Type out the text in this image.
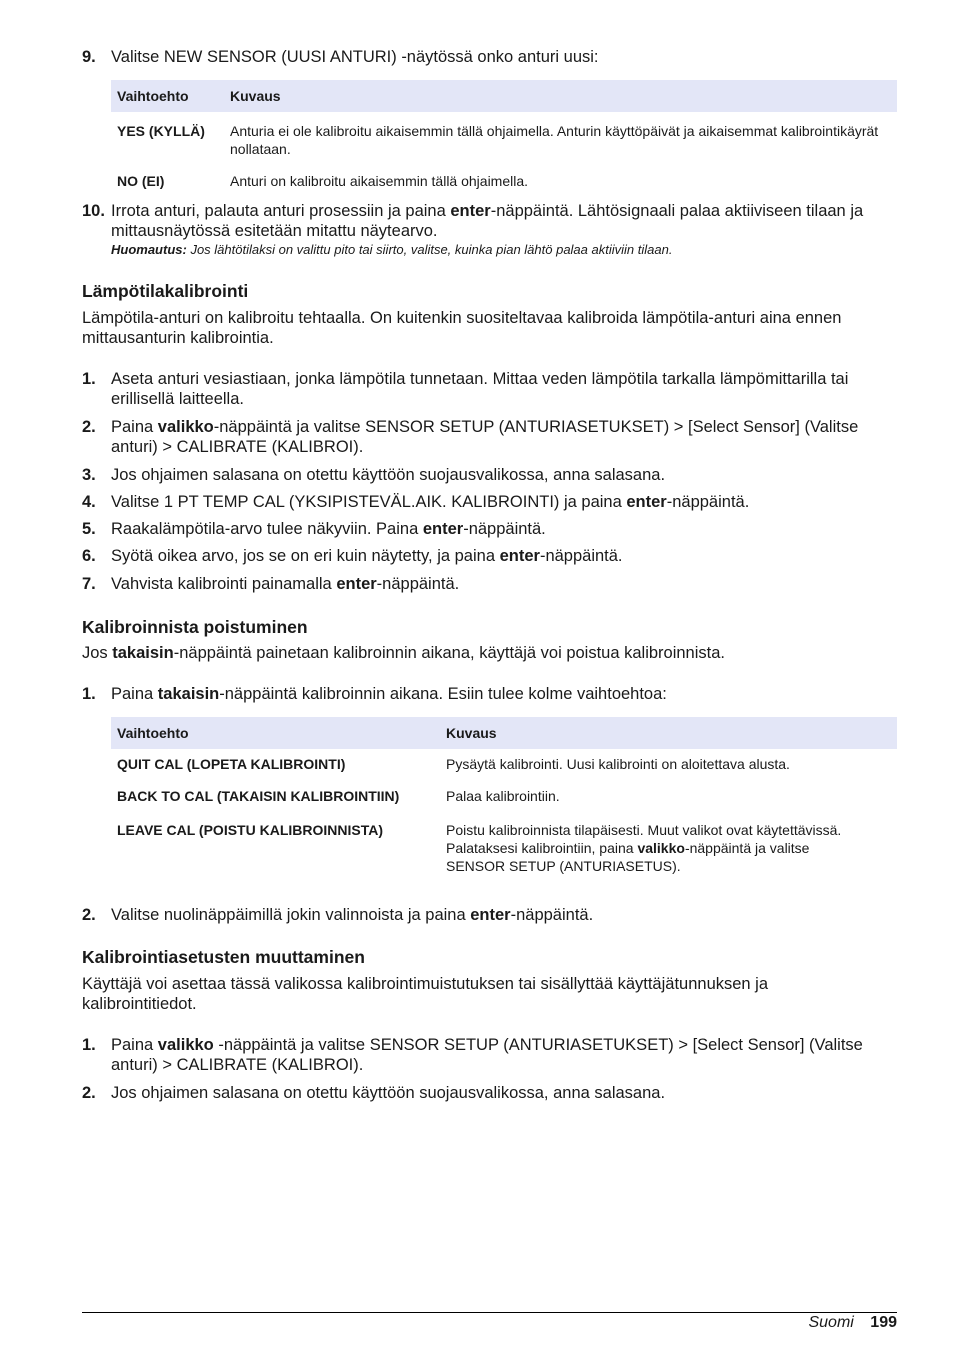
9. Valitse NEW SENSOR (UUSI ANTURI) -näytössä onko anturi uusi:
Vaihtoehto	Kuvaus
YES (KYLLÄ)	Anturia ei ole kalibroitu aikaisemmin tällä ohjaimella. Anturin käyttöpäivät ja aikaisemmat kalibrointikäyrät nollataan.
NO (EI)	Anturi on kalibroitu aikaisemmin tällä ohjaimella.
10. Irrota anturi, palauta anturi prosessiin ja paina enter-näppäintä. Lähtösignaali palaa aktiiviseen tilaan ja mittausnäytössä esitetään mitattu näytearvo.
Huomautus: Jos lähtötilaksi on valittu pito tai siirto, valitse, kuinka pian lähtö palaa aktiiviin tilaan.
Lämpötilakalibrointi

Lämpötila-anturi on kalibroitu tehtaalla. On kuitenkin suositeltavaa kalibroida lämpötila-anturi aina ennen mittausanturin kalibrointia.

1. Aseta anturi vesiastiaan, jonka lämpötila tunnetaan. Mittaa veden lämpötila tarkalla lämpömittarilla tai erillisellä laitteella.
2. Paina valikko-näppäintä ja valitse SENSOR SETUP (ANTURIASETUKSET) > [Select Sensor] (Valitse anturi) > CALIBRATE (KALIBROI).
3. Jos ohjaimen salasana on otettu käyttöön suojausvalikossa, anna salasana.
4. Valitse 1 PT TEMP CAL (YKSIPISTEVÄL.AIK. KALIBROINTI) ja paina enter-näppäintä.
5. Raakalämpötila-arvo tulee näkyviin. Paina enter-näppäintä.
6. Syötä oikea arvo, jos se on eri kuin näytetty, ja paina enter-näppäintä.
7. Vahvista kalibrointi painamalla enter-näppäintä.
Kalibroinnista poistuminen

Jos takaisin-näppäintä painetaan kalibroinnin aikana, käyttäjä voi poistua kalibroinnista.

1. Paina takaisin-näppäintä kalibroinnin aikana. Esiin tulee kolme vaihtoehtoa:
Vaihtoehto	Kuvaus
QUIT CAL (LOPETA KALIBROINTI)	Pysäytä kalibrointi. Uusi kalibrointi on aloitettava alusta.
BACK TO CAL (TAKAISIN KALIBROINTIIN)	Palaa kalibrointiin.
LEAVE CAL (POISTU KALIBROINNISTA)	Poistu kalibroinnista tilapäisesti. Muut valikot ovat käytettävissä. Palataksesi kalibrointiin, paina valikko-näppäintä ja valitse SENSOR SETUP (ANTURIASETUS).
2. Valitse nuolinäppäimillä jokin valinnoista ja paina enter-näppäintä.
Kalibrointiasetusten muuttaminen

Käyttäjä voi asettaa tässä valikossa kalibrointimuistutuksen tai sisällyttää käyttäjätunnuksen ja kalibrointitiedot.

1. Paina valikko -näppäintä ja valitse SENSOR SETUP (ANTURIASETUKSET) > [Select Sensor] (Valitse anturi) > CALIBRATE (KALIBROI).
2. Jos ohjaimen salasana on otettu käyttöön suojausvalikossa, anna salasana.
Suomi 199
